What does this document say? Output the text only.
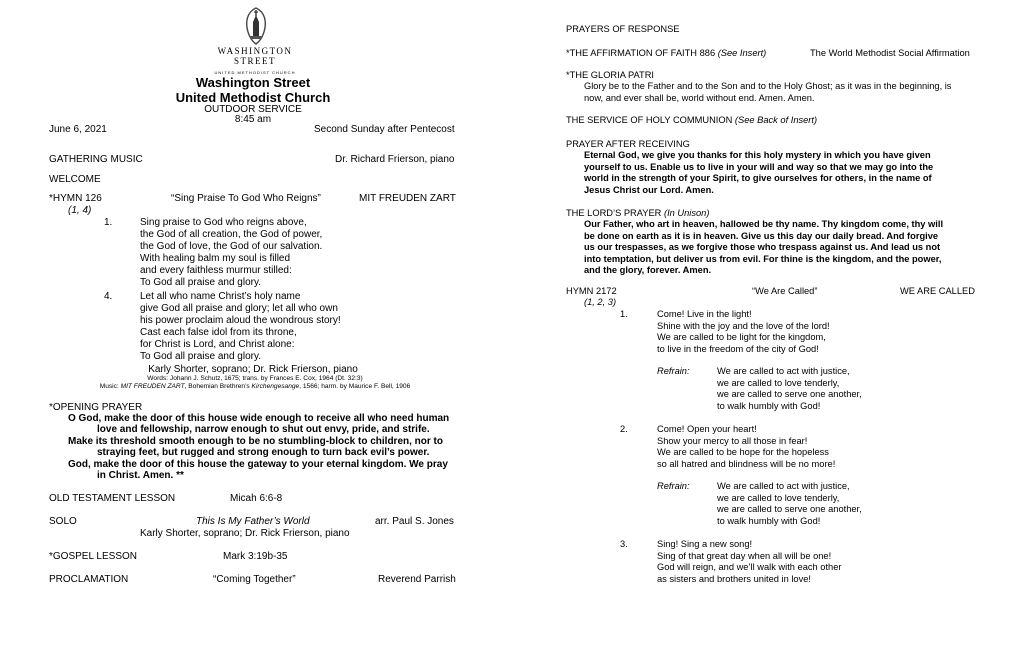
WASHINGTON
STREET
UNITED METHODIST CHURCH
Washington Street
United Methodist Church
OUTDOOR SERVICE
8:45 am
June 6, 2021	Second Sunday after Pentecost
GATHERING MUSIC	Dr. Richard Frierson, piano
WELCOME
*HYMN 126	“Sing Praise To God Who Reigns”	MIT FREUDEN ZART
(1, 4)
1.	Sing praise to God who reigns above,
the God of all creation, the God of power,
the God of love, the God of our salvation.
With healing balm my soul is filled
and every faithless murmur stilled:
To God all praise and glory.
4.	Let all who name Christ’s holy name
give God all praise and glory; let all who own
his power proclaim aloud the wondrous story!
Cast each false idol from its throne,
for Christ is Lord, and Christ alone:
To God all praise and glory.
Karly Shorter, soprano; Dr. Rick Frierson, piano
Words: Johann J. Schutz, 1675; trans. by Frances E. Cox, 1964 (Dt. 32:3)
Music: MIT FREUDEN ZART, Bohemian Brethren’s Kirchengesange, 1566; harm. by Maurice F. Bell, 1906
*OPENING PRAYER
O God, make the door of this house wide enough to receive all who need human
love and fellowship, narrow enough to shut out envy, pride, and strife.
Make its threshold smooth enough to be no stumbling-block to children, nor to
straying feet, but rugged and strong enough to turn back evil’s power.
God, make the door of this house the gateway to your eternal kingdom. We pray
in Christ. Amen. **
OLD TESTAMENT LESSON	Micah 6:6-8
SOLO	This Is My Father’s World	arr. Paul S. Jones
Karly Shorter, soprano; Dr. Rick Frierson, piano
*GOSPEL LESSON	Mark 3:19b-35
PROCLAMATION	“Coming Together”	Reverend Parrish
PRAYERS OF RESPONSE
*THE AFFIRMATION OF FAITH 886 (See Insert)	The World Methodist Social Affirmation
*THE GLORIA PATRI
Glory be to the Father and to the Son and to the Holy Ghost; as it was in the beginning, is
now, and ever shall be, world without end. Amen. Amen.
THE SERVICE OF HOLY COMMUNION (See Back of Insert)
PRAYER AFTER RECEIVING
Eternal God, we give you thanks for this holy mystery in which you have given
yourself to us. Enable us to live in your will and way so that we may go into the
world in the strength of your Spirit, to give ourselves for others, in the name of
Jesus Christ our Lord. Amen.
THE LORD’S PRAYER (In Unison)
Our Father, who art in heaven, hallowed be thy name. Thy kingdom come, thy will
be done on earth as it is in heaven. Give us this day our daily bread. And forgive
us our trespasses, as we forgive those who trespass against us. And lead us not
into temptation, but deliver us from evil. For thine is the kingdom, and the power,
and the glory, forever. Amen.
HYMN 2172	“We Are Called”	WE ARE CALLED
(1, 2, 3)
1.	Come! Live in the light!
Shine with the joy and the love of the lord!
We are called to be light for the kingdom,
to live in the freedom of the city of God!
Refrain:	We are called to act with justice,
we are called to love tenderly,
we are called to serve one another,
to walk humbly with God!
2.	Come! Open your heart!
Show your mercy to all those in fear!
We are called to be hope for the hopeless
so all hatred and blindness will be no more!
Refrain:	We are called to act with justice,
we are called to love tenderly,
we are called to serve one another,
to walk humbly with God!
3.	Sing! Sing a new song!
Sing of that great day when all will be one!
God will reign, and we’ll walk with each other
as sisters and brothers united in love!
